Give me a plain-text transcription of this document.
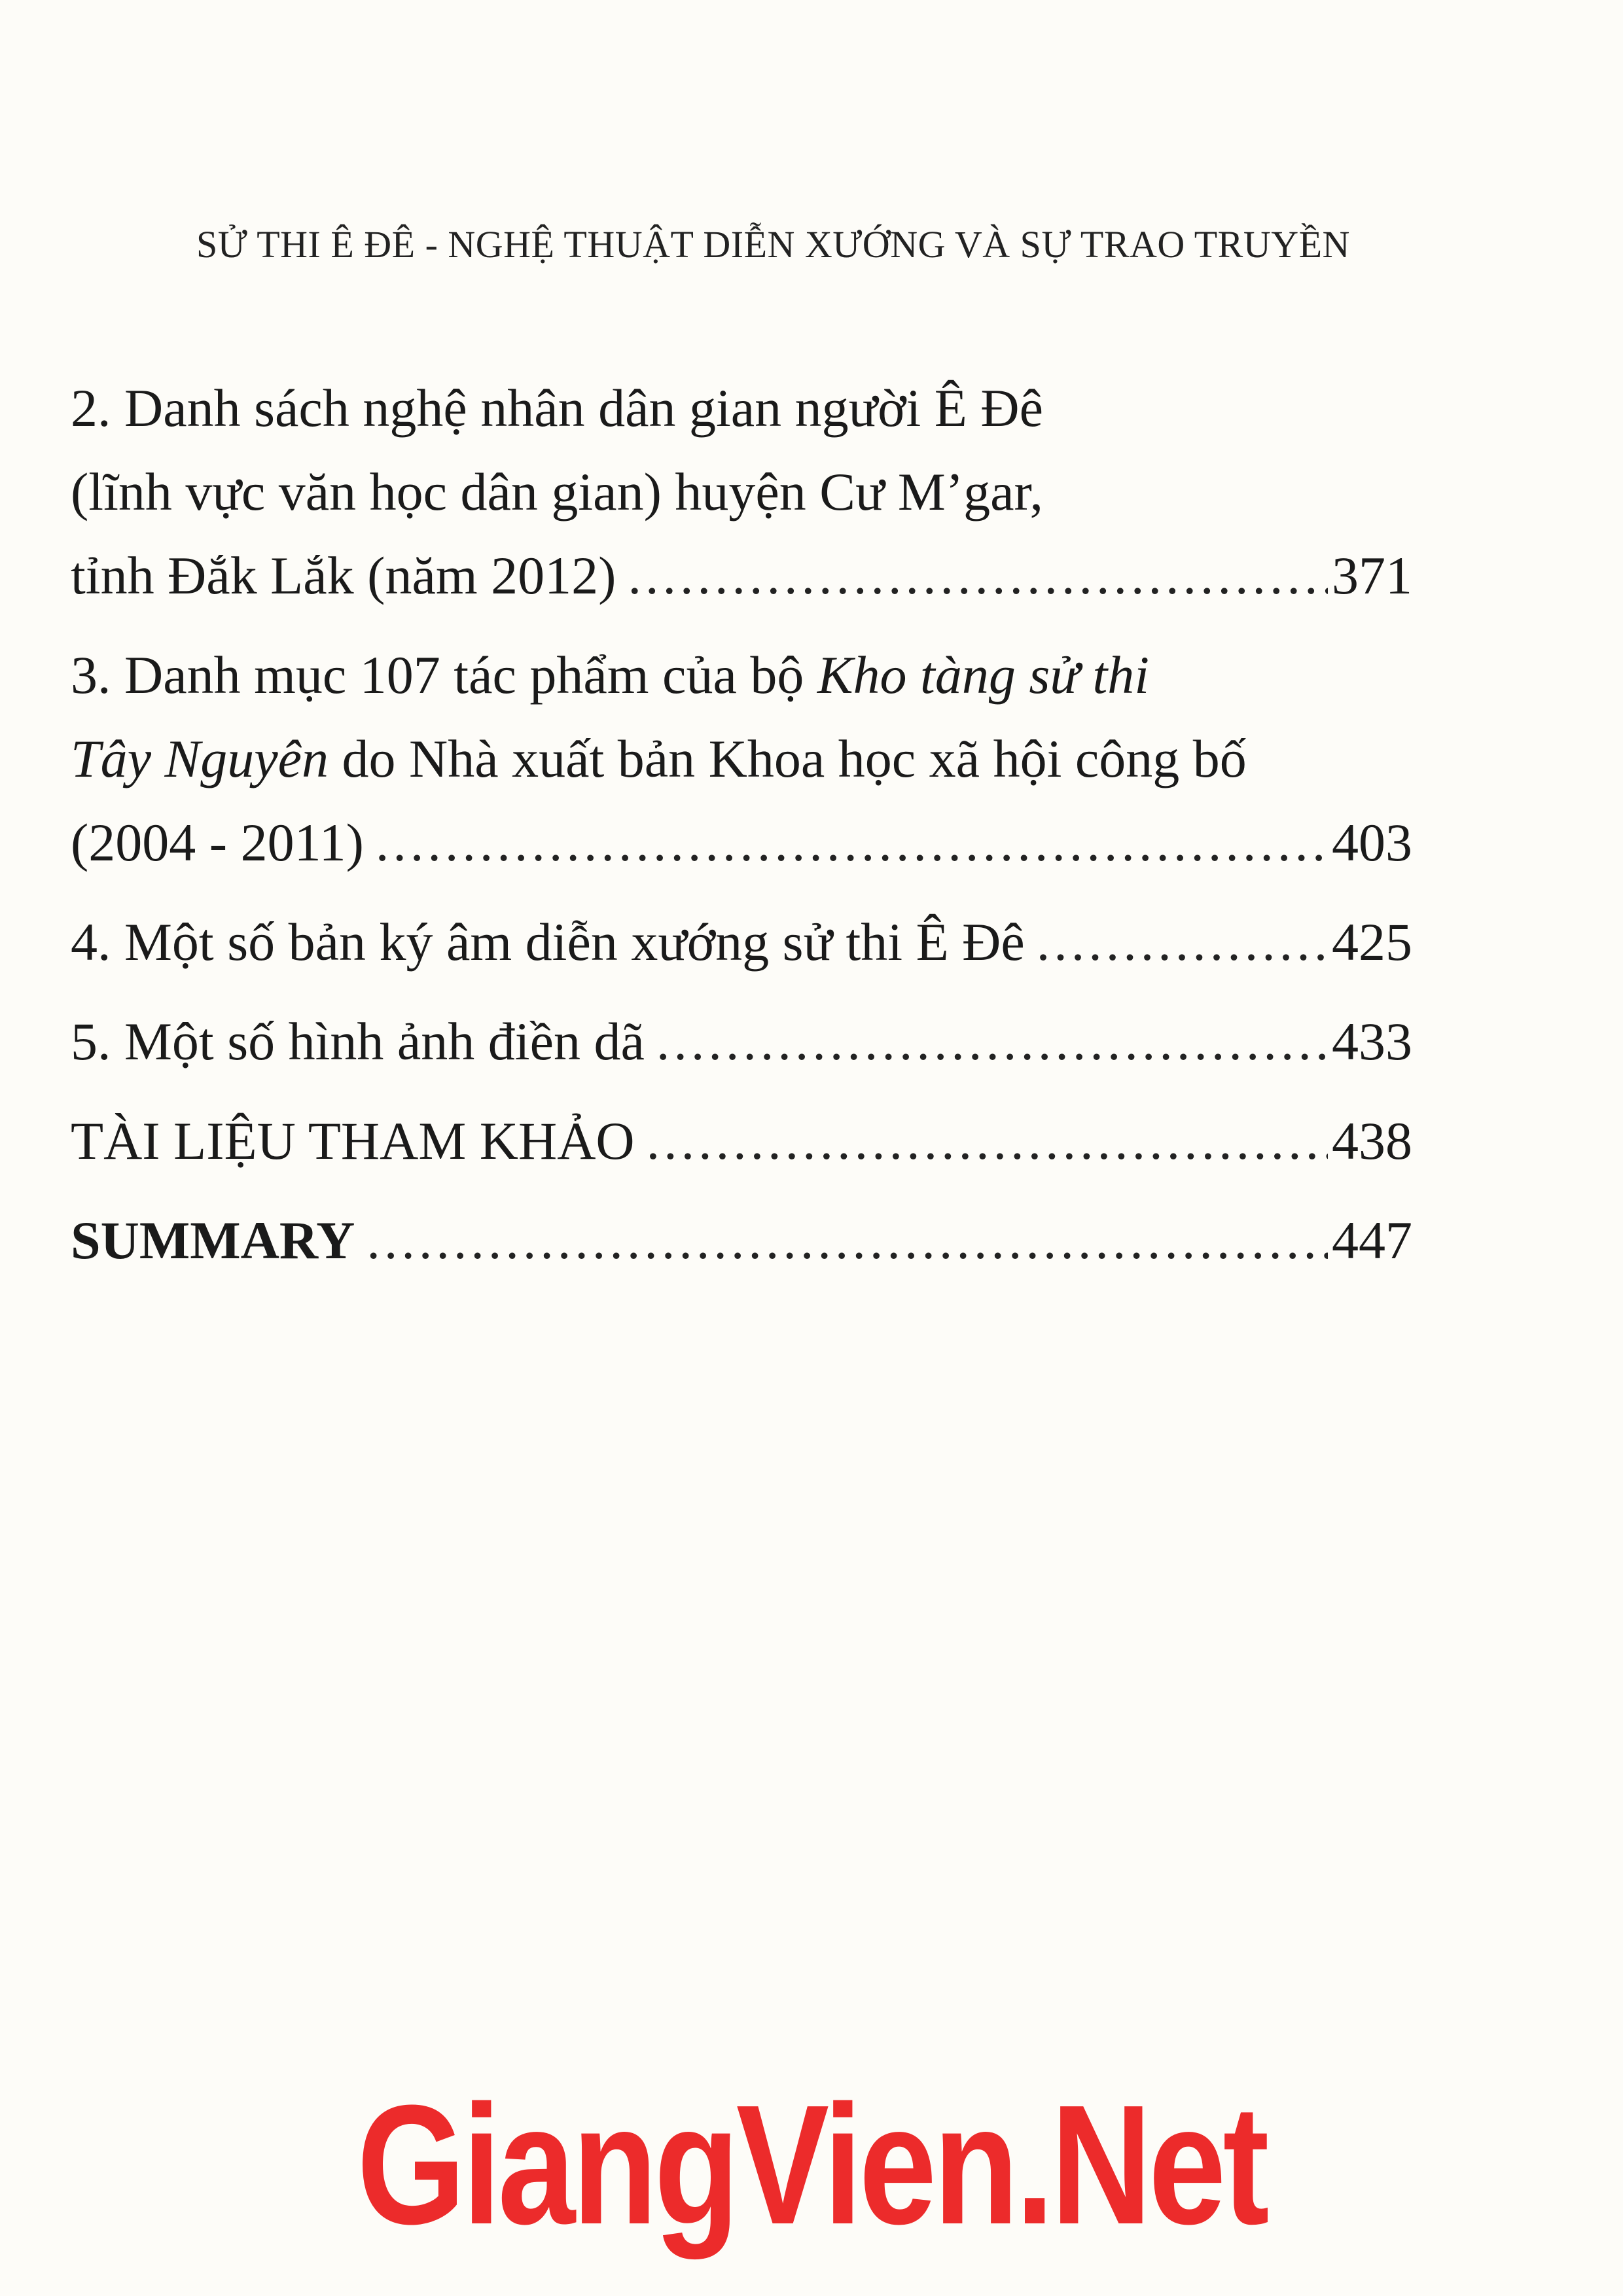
SỬ THI Ê ĐÊ - NGHỆ THUẬT DIỄN XƯỚNG VÀ SỰ TRAO TRUYỀN
2. Danh sách nghệ nhân dân gian người Ê Đê
(lĩnh vực văn học dân gian) huyện Cư M’gar,
tỉnh Đắk Lắk (năm 2012) .....	371
3. Danh mục 107 tác phẩm của bộ Kho tàng sử thi
Tây Nguyên do Nhà xuất bản Khoa học xã hội công bố
(2004 - 2011) .....	403
4. Một số bản ký âm diễn xướng sử thi Ê Đê .....	425
5. Một số hình ảnh điền dã .....	433
TÀI LIỆU THAM KHẢO .....	438
SUMMARY .....	447
GiangVien.Net
